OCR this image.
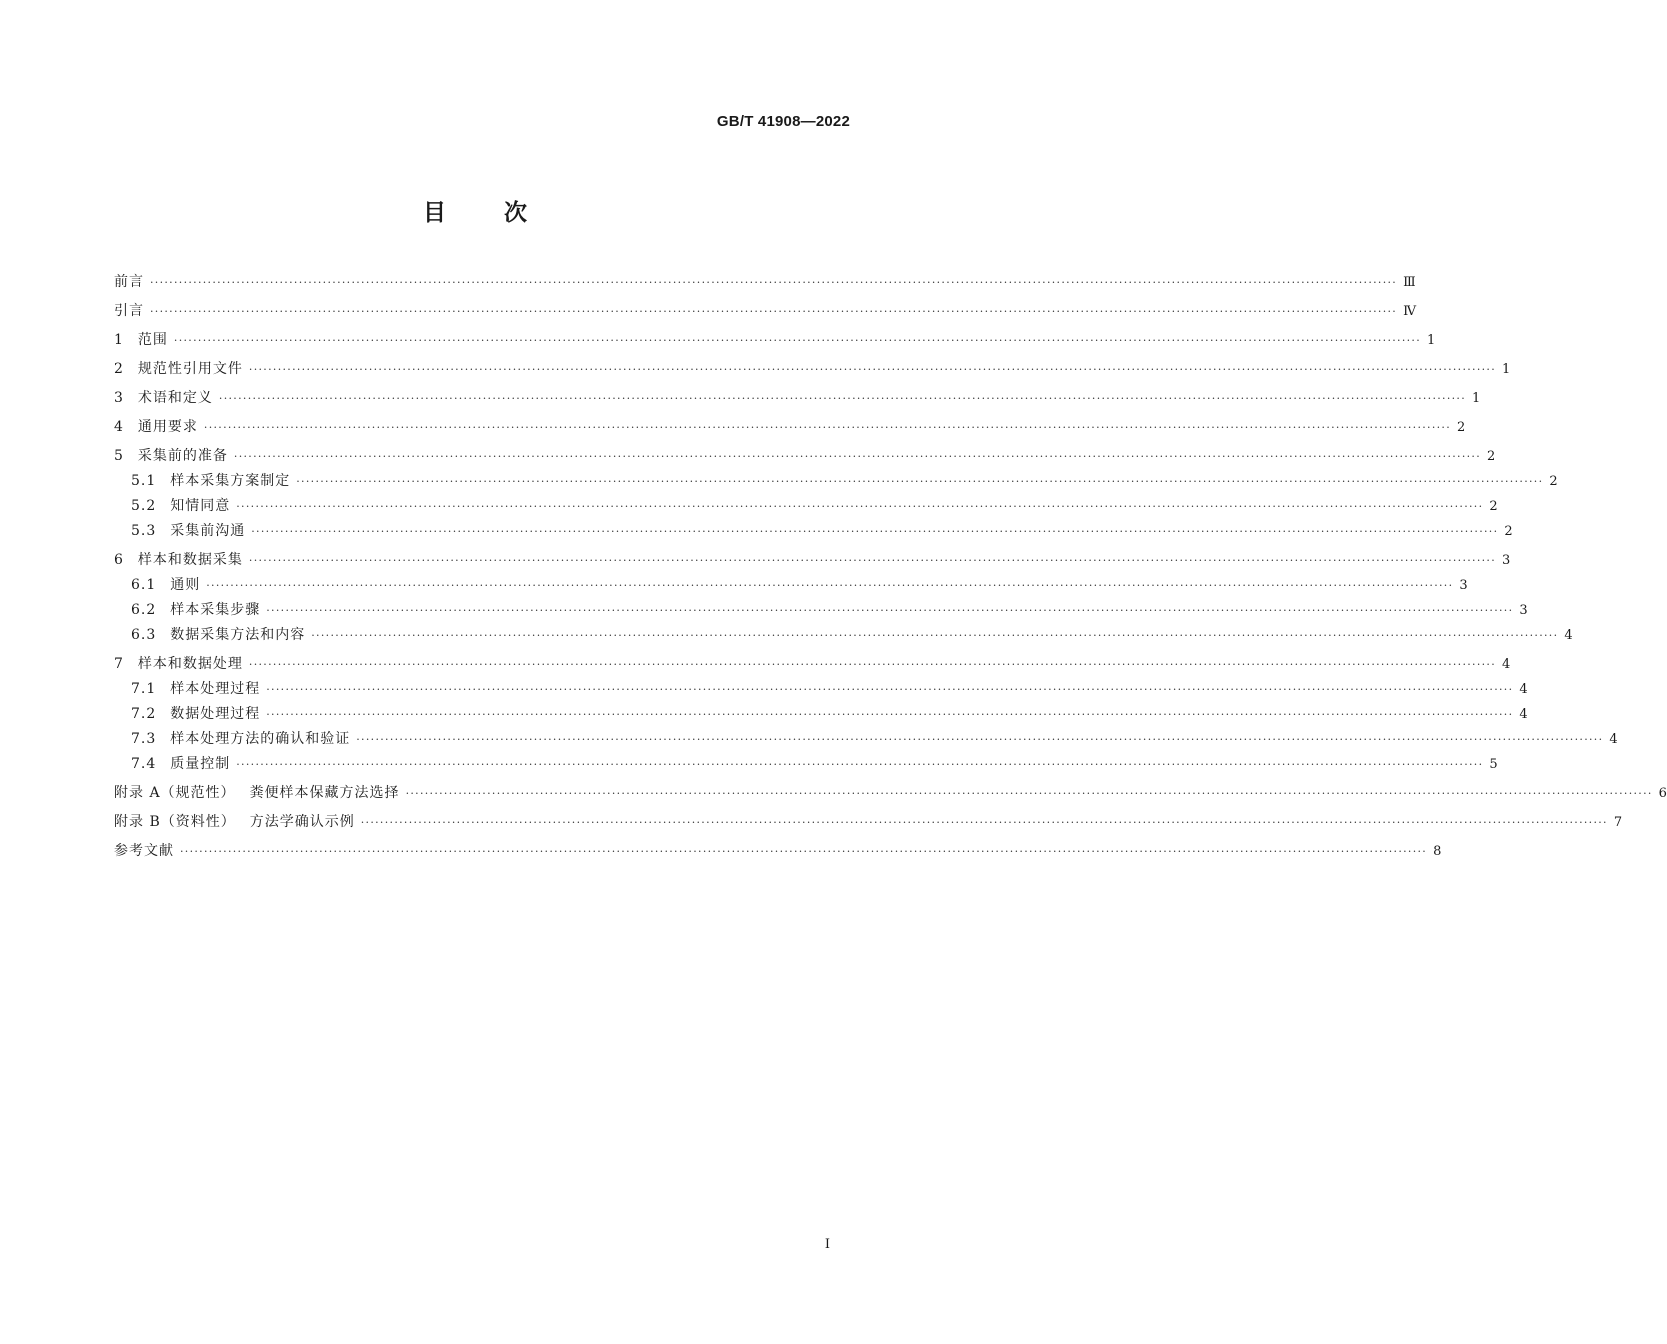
GB/T 41908—2022
目次
前言 ···································································································································································································································································· Ⅲ
引言 ···································································································································································································································································· Ⅳ
1 范围 ···································································································································································································································································· 1
2 规范性引用文件 ···································································································································································································································································· 1
3 术语和定义 ···································································································································································································································································· 1
4 通用要求 ···································································································································································································································································· 2
5 采集前的准备 ···································································································································································································································································· 2
5.1 样本采集方案制定 ···································································································································································································································································· 2
5.2 知情同意 ···································································································································································································································································· 2
5.3 采集前沟通 ···································································································································································································································································· 2
6 样本和数据采集 ···································································································································································································································································· 3
6.1 通则 ···································································································································································································································································· 3
6.2 样本采集步骤 ···································································································································································································································································· 3
6.3 数据采集方法和内容 ···································································································································································································································································· 4
7 样本和数据处理 ···································································································································································································································································· 4
7.1 样本处理过程 ···································································································································································································································································· 4
7.2 数据处理过程 ···································································································································································································································································· 4
7.3 样本处理方法的确认和验证 ···································································································································································································································································· 4
7.4 质量控制 ···································································································································································································································································· 5
附录 A（规范性） 粪便样本保藏方法选择 ···································································································································································································································································· 6
附录 B（资料性） 方法学确认示例 ···································································································································································································································································· 7
参考文献 ···································································································································································································································································· 8
I
